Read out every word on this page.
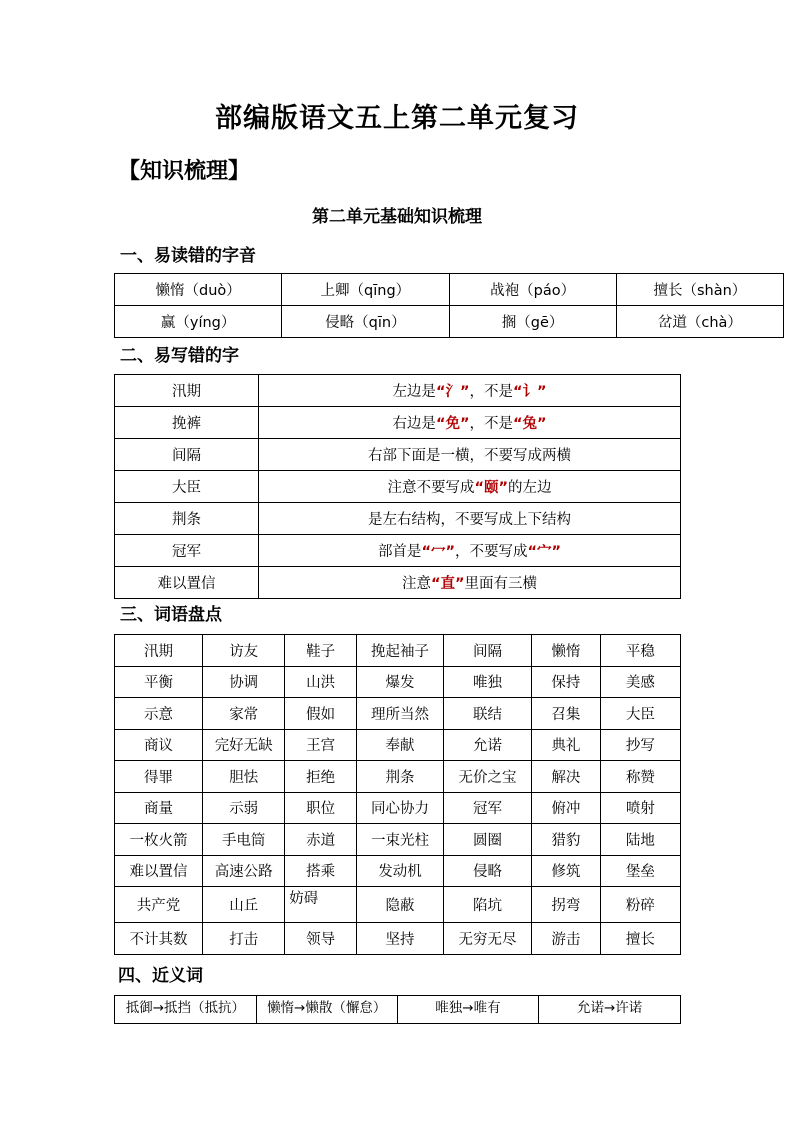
部编版语文五上第二单元复习
【知识梳理】
第二单元基础知识梳理
一、易读错的字音
懒惰（duò）	上卿（qīng）	战袍（páo）	擅长（shàn）
赢（yíng）	侵略（qīn）	搁（gē）	岔道（chà）
二、易写错的字
汛期	左边是“氵”，不是“讠”
挽裤	右边是“免”，不是“兔”
间隔	右部下面是一横，不要写成两横
大臣	注意不要写成“颐”的左边
荆条	是左右结构，不要写成上下结构
冠军	部首是“冖”，不要写成“宀”
难以置信	注意“直”里面有三横
三、词语盘点
汛期	访友	鞋子	挽起袖子	间隔	懒惰	平稳
平衡	协调	山洪	爆发	唯独	保持	美感
示意	家常	假如	理所当然	联结	召集	大臣
商议	完好无缺	王宫	奉献	允诺	典礼	抄写
得罪	胆怯	拒绝	荆条	无价之宝	解决	称赞
商量	示弱	职位	同心协力	冠军	俯冲	喷射
一枚火箭	手电筒	赤道	一束光柱	圆圈	猎豹	陆地
难以置信	高速公路	搭乘	发动机	侵略	修筑	堡垒
共产党	山丘	妨碍	隐蔽	陷坑	拐弯	粉碎
不计其数	打击	领导	坚持	无穷无尽	游击	擅长
四、近义词
抵御→抵挡（抵抗）	懒惰→懒散（懈怠）	唯独→唯有	允诺→许诺
